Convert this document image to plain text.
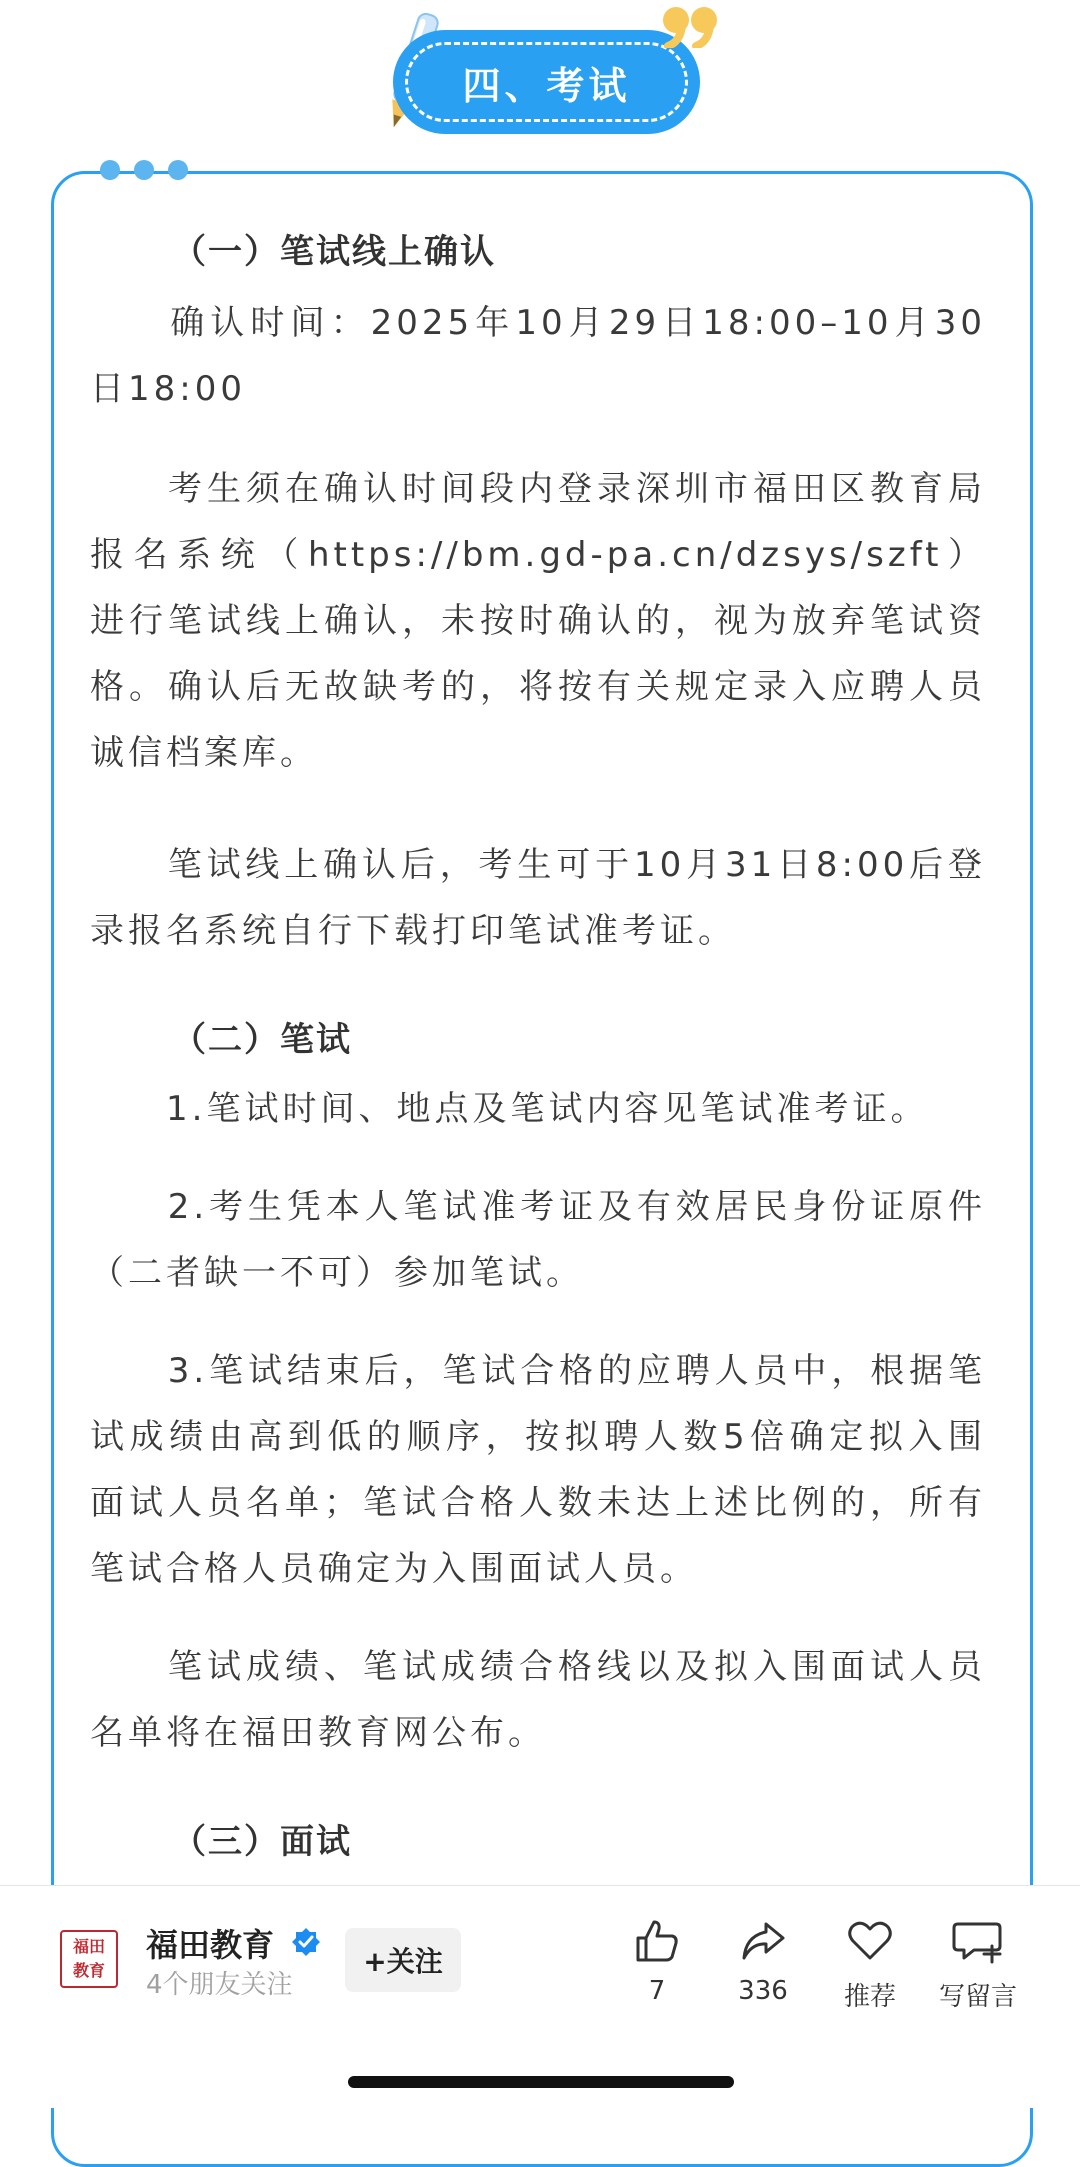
四、考试
（一）笔试线上确认
　　确认时间：2025年10月29日18:00–10月30日18:00
　　考生须在确认时间段内登录深圳市福田区教育局报名系统（https://bm.gd-pa.cn/dzsys/szft）进行笔试线上确认，未按时确认的，视为放弃笔试资格。确认后无故缺考的，将按有关规定录入应聘人员诚信档案库。
　　笔试线上确认后，考生可于10月31日8:00后登录报名系统自行下载打印笔试准考证。
（二）笔试
　　1.笔试时间、地点及笔试内容见笔试准考证。
　　2.考生凭本人笔试准考证及有效居民身份证原件（二者缺一不可）参加笔试。
　　3.笔试结束后，笔试合格的应聘人员中，根据笔试成绩由高到低的顺序，按拟聘人数5倍确定拟入围面试人员名单；笔试合格人数未达上述比例的，所有笔试合格人员确定为入围面试人员。
　　笔试成绩、笔试成绩合格线以及拟入围面试人员名单将在福田教育网公布。
（三）面试
福田教育
福田教育
4个朋友关注
+关注
7	336	推荐	写留言
